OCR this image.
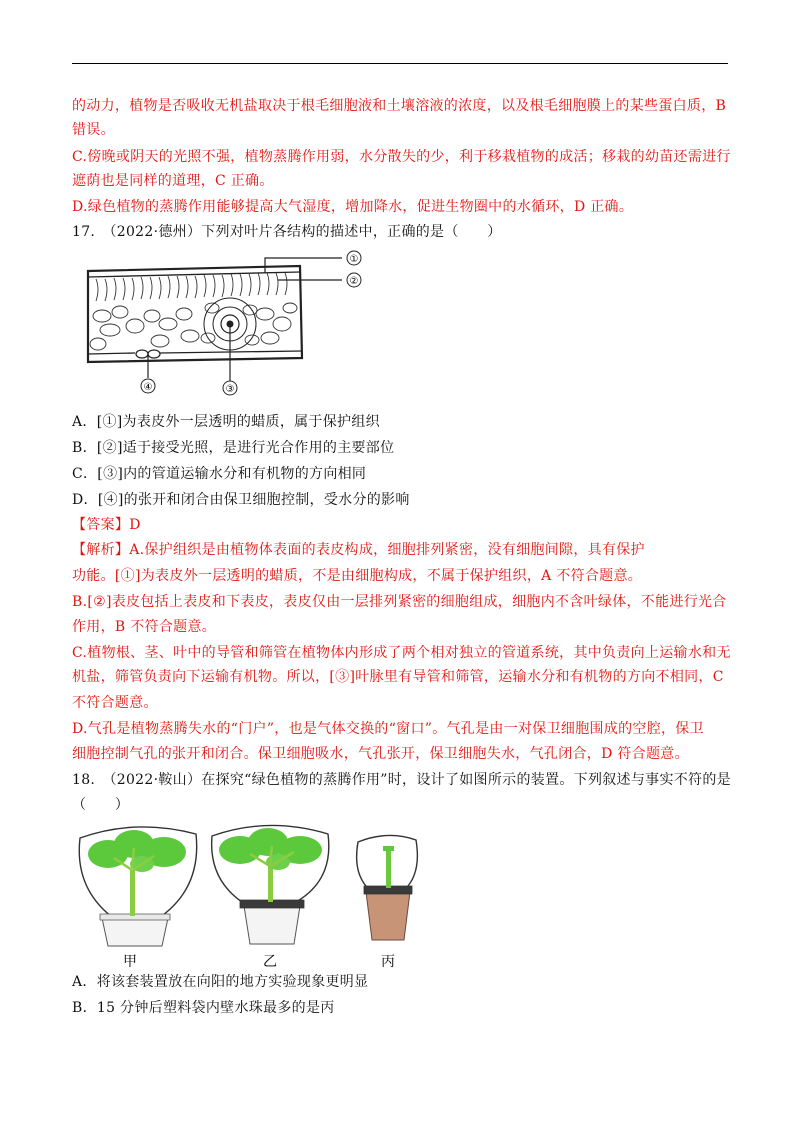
的动力，植物是否吸收无机盐取决于根毛细胞液和土壤溶液的浓度，以及根毛细胞膜上的某些蛋白质，B
错误。
C.傍晚或阴天的光照不强，植物蒸腾作用弱，水分散失的少，利于移栽植物的成活；移栽的幼苗还需进行
遮荫也是同样的道理，C 正确。
D.绿色植物的蒸腾作用能够提高大气湿度，增加降水，促进生物圈中的水循环，D 正确。
17.　（2022·德州）下列对叶片各结构的描述中，正确的是（　　）
①
②
③
④
A．[①]为表皮外一层透明的蜡质，属于保护组织
B．[②]适于接受光照，是进行光合作用的主要部位
C．[③]内的管道运输水分和有机物的方向相同
D．[④]的张开和闭合由保卫细胞控制，受水分的影响
【答案】D
【解析】A.保护组织是由植物体表面的表皮构成，细胞排列紧密，没有细胞间隙，具有保护
功能。[①]为表皮外一层透明的蜡质，不是由细胞构成，不属于保护组织，A 不符合题意。
B.[②]表皮包括上表皮和下表皮，表皮仅由一层排列紧密的细胞组成，细胞内不含叶绿体，不能进行光合
作用，B 不符合题意。
C.植物根、茎、叶中的导管和筛管在植物体内形成了两个相对独立的管道系统，其中负责向上运输水和无
机盐，筛管负责向下运输有机物。所以，[③]叶脉里有导管和筛管，运输水分和有机物的方向不相同，C
不符合题意。
D.气孔是植物蒸腾失水的“门户”，也是气体交换的“窗口”。气孔是由一对保卫细胞围成的空腔，保卫
细胞控制气孔的张开和闭合。保卫细胞吸水，气孔张开，保卫细胞失水，气孔闭合，D 符合题意。
18.　（2022·鞍山）在探究“绿色植物的蒸腾作用”时，设计了如图所示的装置。下列叙述与事实不符的是
（　　）
甲	乙	丙
A．将该套装置放在向阳的地方实验现象更明显
B．15 分钟后塑料袋内壁水珠最多的是丙
